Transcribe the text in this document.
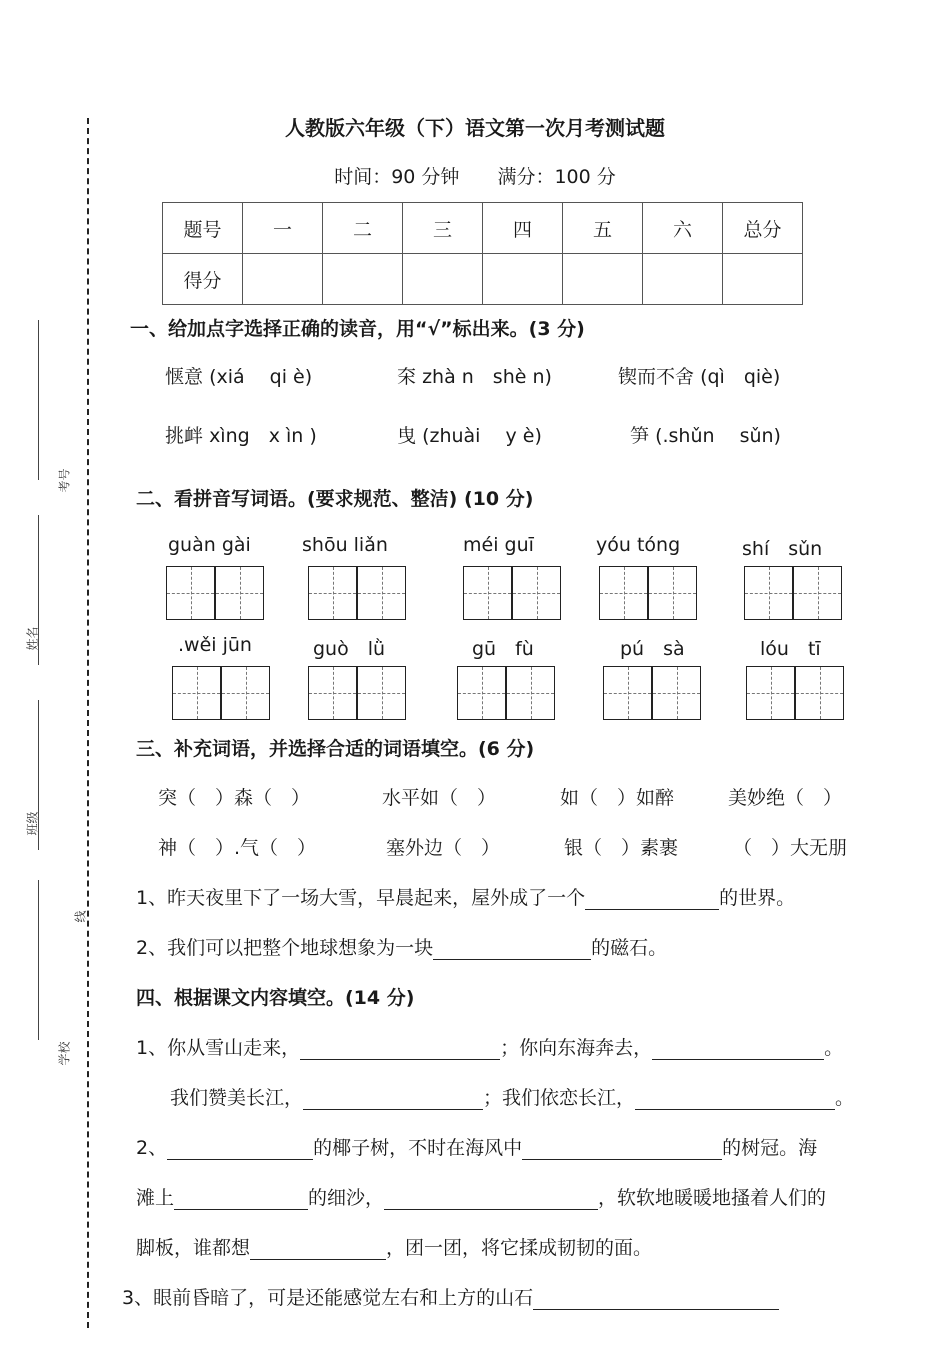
考号
姓名
班级
线
学校
人教版六年级（下）语文第一次月考测试题
时间：90 分钟 满分：100 分
题号	一	二	三	四	五	六	总分
得分							
一、给加点字选择正确的读音，用“√”标出来。(3 分)
惬意 (xiá　 qi è)	㚓 zhà n　shè n)	锲而不舍 (qì　qiè)
挑衅 xìng　x ìn )	曳 (zhuài　 y è)	笋 (.shǔn　 sǔn)
二、看拼音写词语。(要求规范、整洁) (10 分)
guàn gài	shōu liǎn	méi guī	yóu tóng	shí　sǔn
.wěi jūn	guò　lǜ	gū　fù	pú　sà	lóu　tī
三、补充词语，并选择合适的词语填空。(6 分)
突（　）森（　）	水平如（　）	如（　）如醉	美妙绝（　）
神（　）.气（　）	塞外边（　）	银（　）素裹	（　）大无朋
1、昨天夜里下了一场大雪，早晨起来，屋外成了一个	的世界。
2、我们可以把整个地球想象为一块	的磁石。
四、根据课文内容填空。(14 分)
1、你从雪山走来，	；你向东海奔去，	。
我们赞美长江，	；我们依恋长江，	。
2、	的椰子树，不时在海风中	的树冠。海
滩上	的细沙，	，软软地暖暖地搔着人们的
脚板，谁都想	，团一团，将它揉成韧韧的面。
3、眼前昏暗了，可是还能感觉左右和上方的山石
